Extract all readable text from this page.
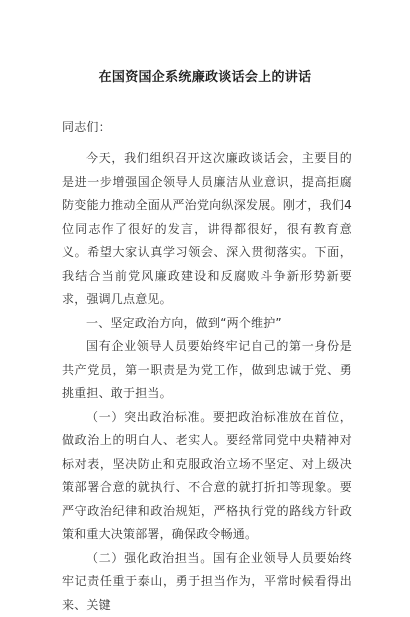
在国资国企系统廉政谈话会上的讲话
同志们：

今天，我们组织召开这次廉政谈话会，主要目的是进一步增强国企领导人员廉洁从业意识，提高拒腐防变能力推动全面从严治党向纵深发展。刚才，我们4位同志作了很好的发言，讲得都很好，很有教育意义。希望大家认真学习领会、深入贯彻落实。下面，我结合当前党风廉政建设和反腐败斗争新形势新要求，强调几点意见。

一、坚定政治方向，做到“两个维护”

国有企业领导人员要始终牢记自己的第一身份是共产党员，第一职责是为党工作，做到忠诚于党、勇挑重担、敢于担当。

（一）突出政治标准。要把政治标准放在首位，做政治上的明白人、老实人。要经常同党中央精神对标对表，坚决防止和克服政治立场不坚定、对上级决策部署合意的就执行、不合意的就打折扣等现象。要严守政治纪律和政治规矩，严格执行党的路线方针政策和重大决策部署，确保政令畅通。

（二）强化政治担当。国有企业领导人员要始终牢记责任重于泰山，勇于担当作为，平常时候看得出来、关键
